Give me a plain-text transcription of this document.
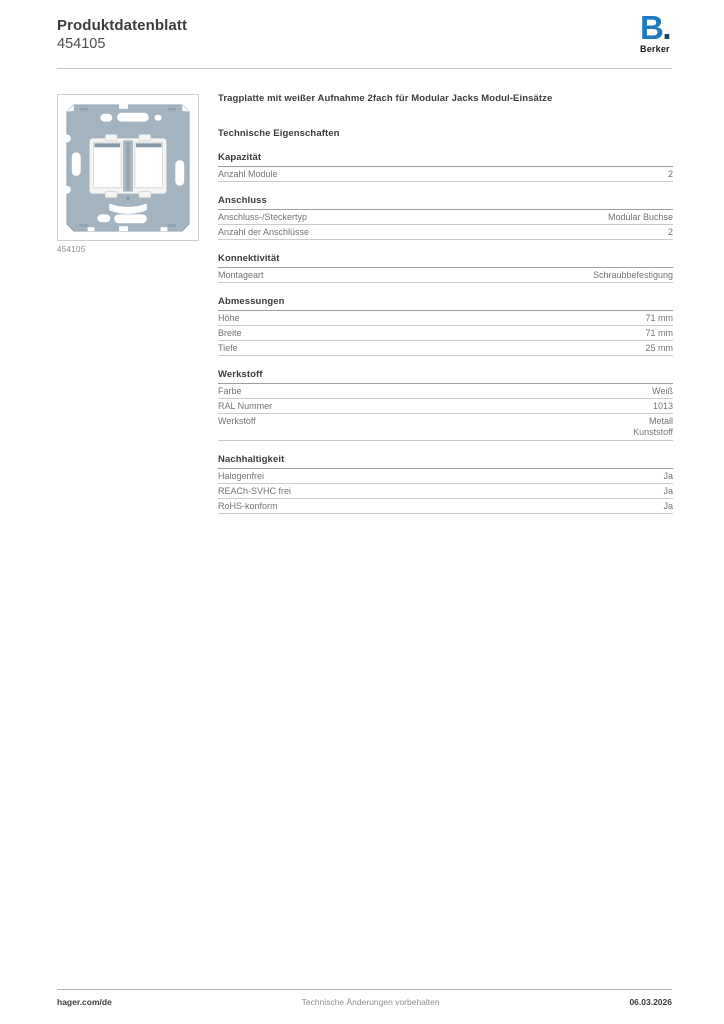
Produktdatenblatt
454105	B.
Berker
454105
Tragplatte mit weißer Aufnahme 2fach für Modular Jacks Modul-Einsätze
Technische Eigenschaften
Kapazität
Anzahl Module	2
Anschluss
Anschluss-/Steckertyp	Modular Buchse
Anzahl der Anschlüsse	2
Konnektivität
Montageart	Schraubbefestigung
Abmessungen
Höhe	71 mm
Breite	71 mm
Tiefe	25 mm
Werkstoff
Farbe	Weiß
RAL Nummer	1013
Werkstoff	Metall
Kunststoff
Nachhaltigkeit
Halogenfrei	Ja
REACh-SVHC frei	Ja
RoHS-konform	Ja
hager.com/de	Technische Änderungen vorbehalten	06.03.2026
